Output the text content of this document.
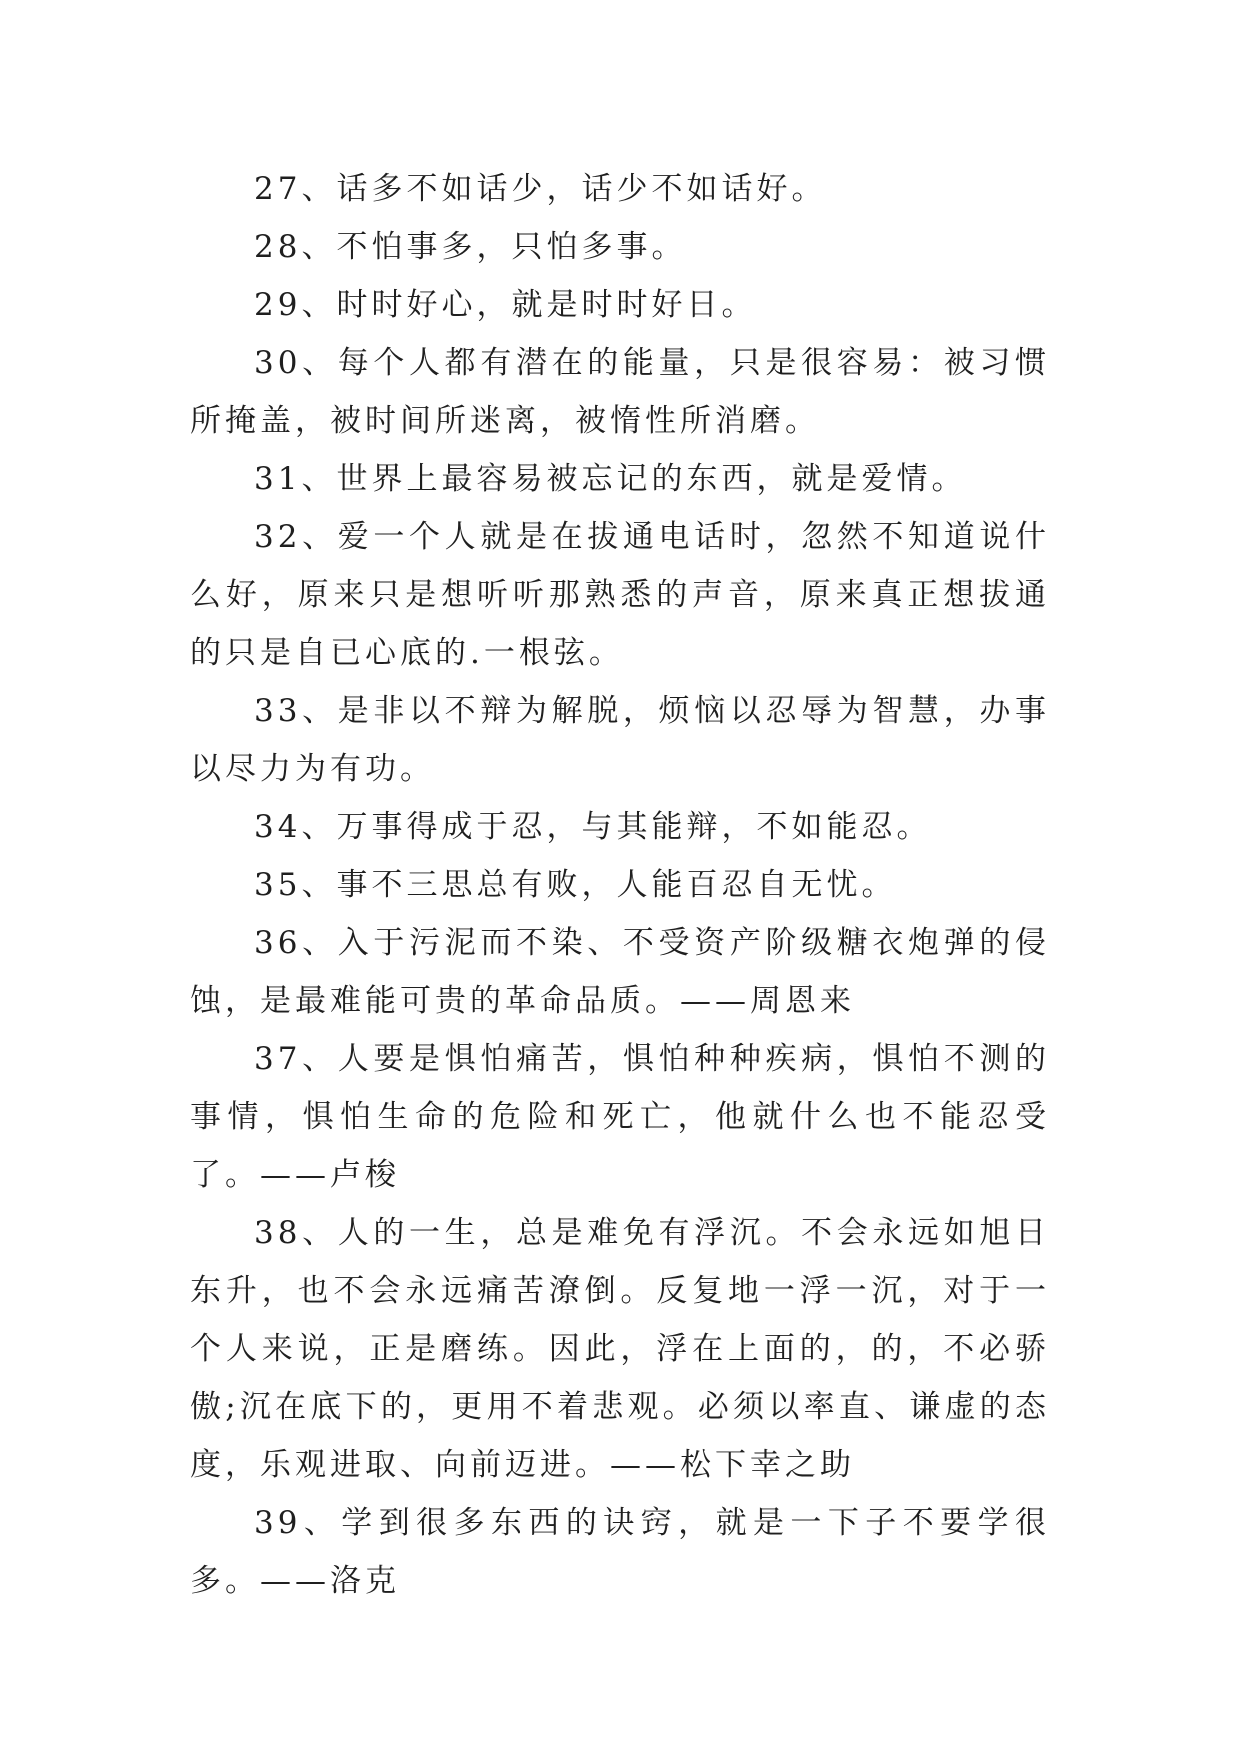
27、话多不如话少，话少不如话好。

28、不怕事多，只怕多事。

29、时时好心，就是时时好日。

30、每个人都有潜在的能量，只是很容易：被习惯所掩盖，被时间所迷离，被惰性所消磨。

31、世界上最容易被忘记的东西，就是爱情。

32、爱一个人就是在拔通电话时，忽然不知道说什么好，原来只是想听听那熟悉的声音，原来真正想拔通的只是自已心底的.一根弦。

33、是非以不辩为解脱，烦恼以忍辱为智慧，办事以尽力为有功。

34、万事得成于忍，与其能辩，不如能忍。

35、事不三思总有败，人能百忍自无忧。

36、入于污泥而不染、不受资产阶级糖衣炮弹的侵蚀，是最难能可贵的革命品质。——周恩来

37、人要是惧怕痛苦，惧怕种种疾病，惧怕不测的事情，惧怕生命的危险和死亡，他就什么也不能忍受了。——卢梭

38、人的一生，总是难免有浮沉。不会永远如旭日东升，也不会永远痛苦潦倒。反复地一浮一沉，对于一个人来说，正是磨练。因此，浮在上面的，的，不必骄傲;沉在底下的，更用不着悲观。必须以率直、谦虚的态度，乐观进取、向前迈进。——松下幸之助

39、学到很多东西的诀窍，就是一下子不要学很多。——洛克
